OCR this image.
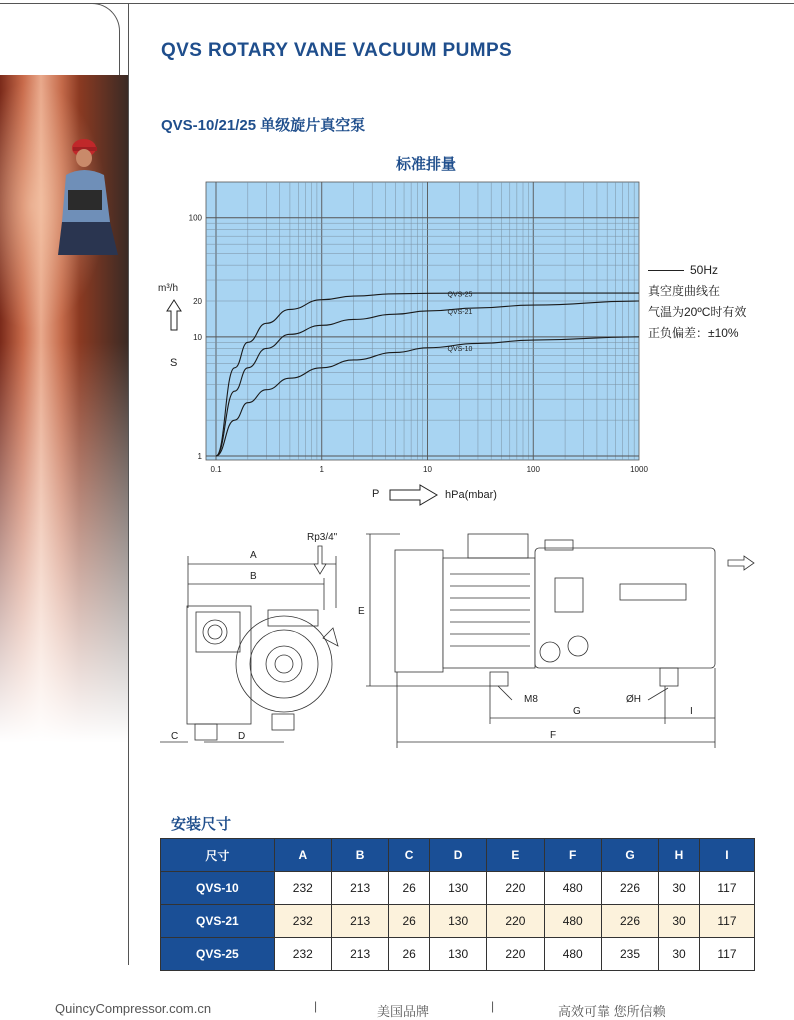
QVS ROTARY VANE VACUUM PUMPS
QVS-10/21/25 单级旋片真空泵
标准排量
QVS-25
QVS-21
QVS-10
0.1	1	10	100	1000
1
10
20
100
m³/h
S
P	hPa(mbar)
50Hz
真空度曲线在
气温为20ºC时有效
正负偏差：±10%
A
B
C	D
Rp3/4"
E
F
G
ØH
I
M8
安装尺寸
尺寸	A	B	C	D	E	F	G	H	I
QVS-10	232	213	26	130	220	480	226	30	117
QVS-21	232	213	26	130	220	480	226	30	117
QVS-25	232	213	26	130	220	480	235	30	117
QuincyCompressor.com.cn	|	美国品牌	|	高效可靠 您所信赖
